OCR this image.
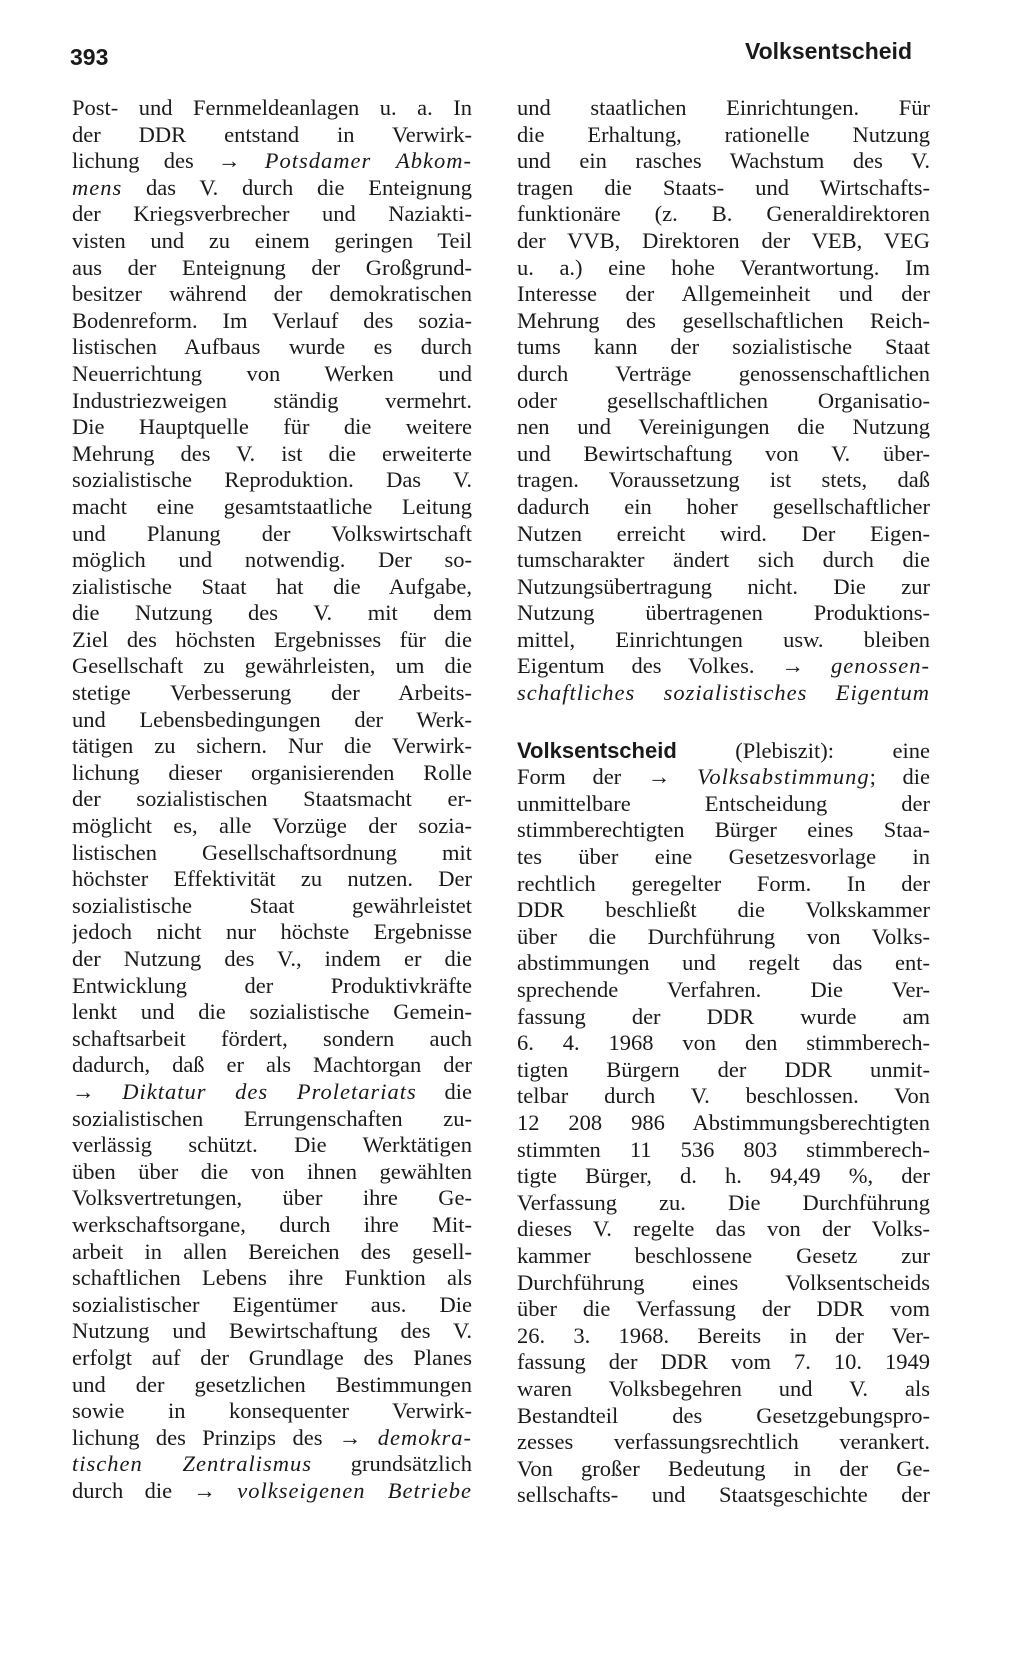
393	Volksentscheid
Post- und Fernmeldeanlagen u. a. In
der DDR entstand in Verwirk-
lichung des → Potsdamer Abkom-
mens das V. durch die Enteignung
der Kriegsverbrecher und Naziakti-
visten und zu einem geringen Teil
aus der Enteignung der Großgrund-
besitzer während der demokratischen
Bodenreform. Im Verlauf des sozia-
listischen Aufbaus wurde es durch
Neuerrichtung von Werken und
Industriezweigen ständig vermehrt.
Die Hauptquelle für die weitere
Mehrung des V. ist die erweiterte
sozialistische Reproduktion. Das V.
macht eine gesamtstaatliche Leitung
und Planung der Volkswirtschaft
möglich und notwendig. Der so-
zialistische Staat hat die Aufgabe,
die Nutzung des V. mit dem
Ziel des höchsten Ergebnisses für die
Gesellschaft zu gewährleisten, um die
stetige Verbesserung der Arbeits-
und Lebensbedingungen der Werk-
tätigen zu sichern. Nur die Verwirk-
lichung dieser organisierenden Rolle
der sozialistischen Staatsmacht er-
möglicht es, alle Vorzüge der sozia-
listischen Gesellschaftsordnung mit
höchster Effektivität zu nutzen. Der
sozialistische Staat gewährleistet
jedoch nicht nur höchste Ergebnisse
der Nutzung des V., indem er die
Entwicklung der Produktivkräfte
lenkt und die sozialistische Gemein-
schaftsarbeit fördert, sondern auch
dadurch, daß er als Machtorgan der
→ Diktatur des Proletariats die
sozialistischen Errungenschaften zu-
verlässig schützt. Die Werktätigen
üben über die von ihnen gewählten
Volksvertretungen, über ihre Ge-
werkschaftsorgane, durch ihre Mit-
arbeit in allen Bereichen des gesell-
schaftlichen Lebens ihre Funktion als
sozialistischer Eigentümer aus. Die
Nutzung und Bewirtschaftung des V.
erfolgt auf der Grundlage des Planes
und der gesetzlichen Bestimmungen
sowie in konsequenter Verwirk-
lichung des Prinzips des → demokra-
tischen Zentralismus grundsätzlich
durch die → volkseigenen Betriebe
und staatlichen Einrichtungen. Für
die Erhaltung, rationelle Nutzung
und ein rasches Wachstum des V.
tragen die Staats- und Wirtschafts-
funktionäre (z. B. Generaldirektoren
der VVB, Direktoren der VEB, VEG
u. a.) eine hohe Verantwortung. Im
Interesse der Allgemeinheit und der
Mehrung des gesellschaftlichen Reich-
tums kann der sozialistische Staat
durch Verträge genossenschaftlichen
oder gesellschaftlichen Organisatio-
nen und Vereinigungen die Nutzung
und Bewirtschaftung von V. über-
tragen. Voraussetzung ist stets, daß
dadurch ein hoher gesellschaftlicher
Nutzen erreicht wird. Der Eigen-
tumscharakter ändert sich durch die
Nutzungsübertragung nicht. Die zur
Nutzung übertragenen Produktions-
mittel, Einrichtungen usw. bleiben
Eigentum des Volkes. → genossen-
schaftliches sozialistisches Eigentum
Volksentscheid (Plebiszit): eine
Form der → Volksabstimmung; die
unmittelbare Entscheidung der
stimmberechtigten Bürger eines Staa-
tes über eine Gesetzesvorlage in
rechtlich geregelter Form. In der
DDR beschließt die Volkskammer
über die Durchführung von Volks-
abstimmungen und regelt das ent-
sprechende Verfahren. Die Ver-
fassung der DDR wurde am
6. 4. 1968 von den stimmberech-
tigten Bürgern der DDR unmit-
telbar durch V. beschlossen. Von
12 208 986 Abstimmungsberechtigten
stimmten 11 536 803 stimmberech-
tigte Bürger, d. h. 94,49 %, der
Verfassung zu. Die Durchführung
dieses V. regelte das von der Volks-
kammer beschlossene Gesetz zur
Durchführung eines Volksentscheids
über die Verfassung der DDR vom
26. 3. 1968. Bereits in der Ver-
fassung der DDR vom 7. 10. 1949
waren Volksbegehren und V. als
Bestandteil des Gesetzgebungspro-
zesses verfassungsrechtlich verankert.
Von großer Bedeutung in der Ge-
sellschafts- und Staatsgeschichte der
